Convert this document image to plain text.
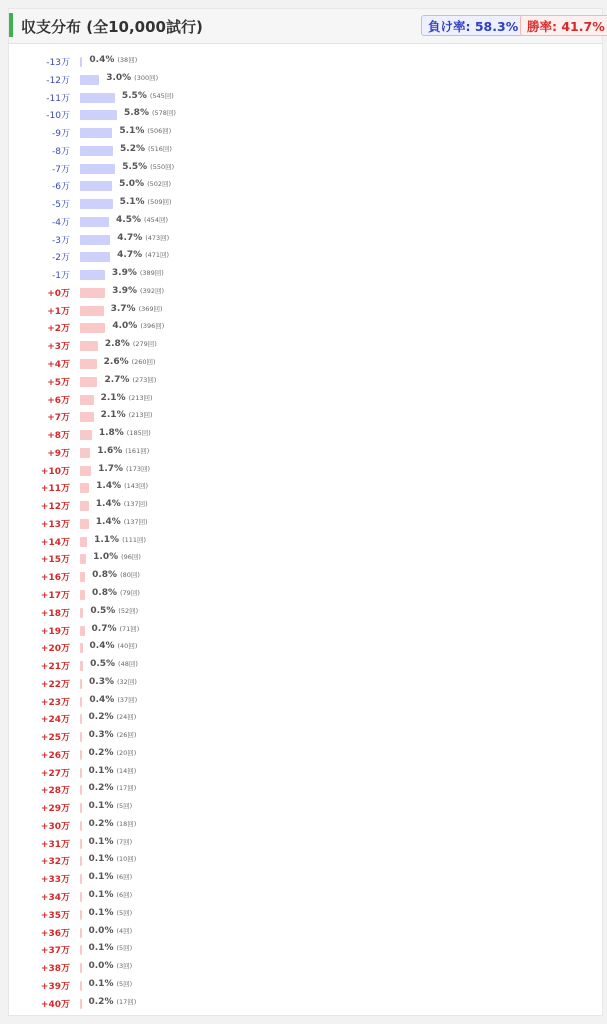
収支分布 (全10,000試行)	負け率: 58.3% 勝率: 41.7%
-13万 0.4% (38回)
-12万	3.0% (300回)
-11万	5.5% (545回)
-10万	5.8% (578回)
-9万	5.1% (506回)
-8万	5.2% (516回)
-7万	5.5% (550回)
-6万	5.0% (502回)
-5万	5.1% (509回)
-4万	4.5% (454回)
-3万	4.7% (473回)
-2万	4.7% (471回)
-1万	3.9% (389回)
+0万	3.9% (392回)
+1万	3.7% (369回)
+2万	4.0% (396回)
+3万	2.8% (279回)
+4万	2.6% (260回)
+5万	2.7% (273回)
+6万	2.1% (213回)
+7万	2.1% (213回)
+8万	1.8% (185回)
+9万	1.6% (161回)
+10万	1.7% (173回)
+11万	1.4% (143回)
+12万	1.4% (137回)
+13万	1.4% (137回)
+14万	1.1% (111回)
+15万	1.0% (96回)
+16万 0.8% (80回)
+17万 0.8% (79回)
+18万 0.5% (52回)
+19万 0.7% (71回)
+20万 0.4% (40回)
+21万 0.5% (48回)
+22万 0.3% (32回)
+23万 0.4% (37回)
+24万 0.2% (24回)
+25万 0.3% (26回)
+26万 0.2% (20回)
+27万 0.1% (14回)
+28万 0.2% (17回)
+29万 0.1% (5回)
+30万 0.2% (18回)
+31万 0.1% (7回)
+32万 0.1% (10回)
+33万 0.1% (6回)
+34万 0.1% (6回)
+35万 0.1% (5回)
+36万 0.0% (4回)
+37万 0.1% (5回)
+38万 0.0% (3回)
+39万 0.1% (5回)
+40万 0.2% (17回)
